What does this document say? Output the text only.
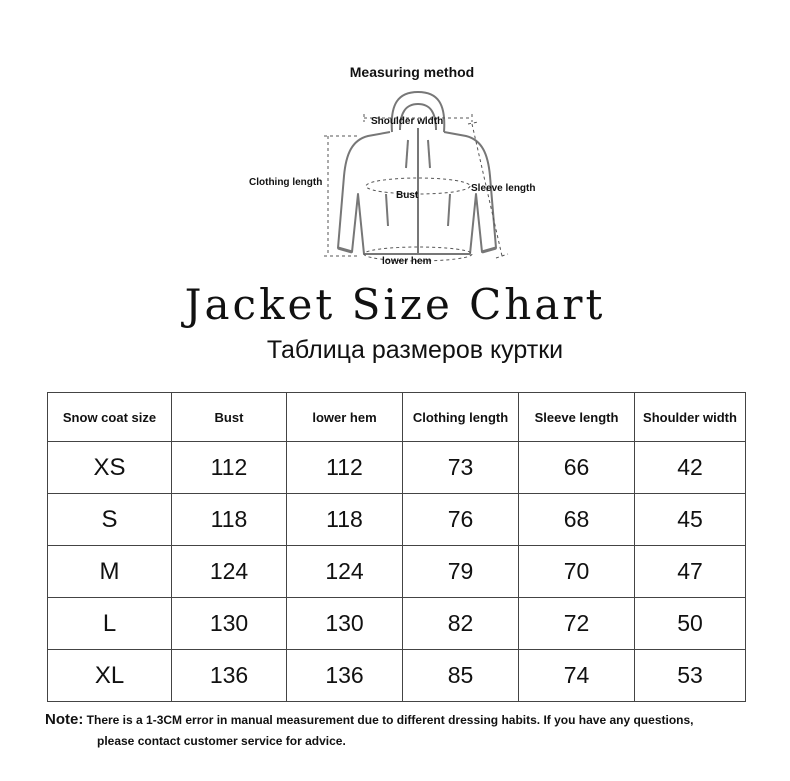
Measuring method
Shoulder width
Clothing length
Bust
Sleeve length
lower hem
Jacket Size Chart
Таблица размеров куртки
Snow coat size	Bust	lower hem	Clothing length	Sleeve length	Shoulder width
XS	112	112	73	66	42
S	118	118	76	68	45
M	124	124	79	70	47
L	130	130	82	72	50
XL	136	136	85	74	53
Note: There is a 1-3CM error in manual measurement due to different dressing habits. If you have any questions,
please contact customer service for advice.
